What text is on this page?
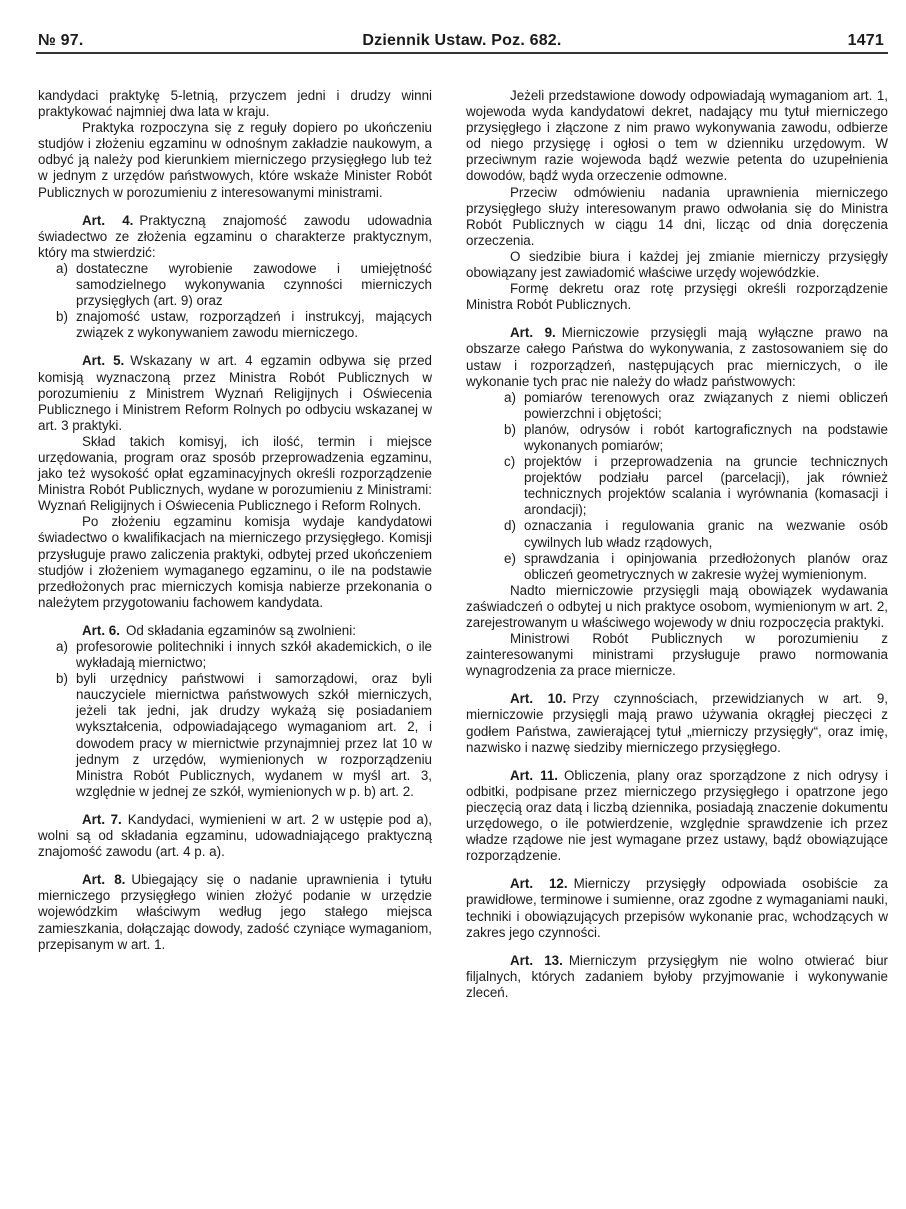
№ 97.	Dziennik Ustaw. Poz. 682.	1471

kandydaci praktykę 5-letnią, przyczem jedni i drudzy winni praktykować najmniej dwa lata w kraju.

Praktyka rozpoczyna się z reguły dopiero po ukończeniu studjów i złożeniu egzaminu w odnośnym zakładzie naukowym, a odbyć ją należy pod kierunkiem mierniczego przysięgłego lub też w jednym z urzędów państwowych, które wskaże Minister Robót Publicznych w porozumieniu z interesowanymi ministrami.

Art. 4. Praktyczną znajomość zawodu udowadnia świadectwo ze złożenia egzaminu o charakterze praktycznym, który ma stwierdzić:

a) dostateczne wyrobienie zawodowe i umiejętność samodzielnego wykonywania czynności mierniczych przysięgłych (art. 9) oraz
b) znajomość ustaw, rozporządzeń i instrukcyj, mających związek z wykonywaniem zawodu mierniczego.

Art. 5. Wskazany w art. 4 egzamin odbywa się przed komisją wyznaczoną przez Ministra Robót Publicznych w porozumieniu z Ministrem Wyznań Religijnych i Oświecenia Publicznego i Ministrem Reform Rolnych po odbyciu wskazanej w art. 3 praktyki.

Skład takich komisyj, ich ilość, termin i miejsce urzędowania, program oraz sposób przeprowadzenia egzaminu, jako też wysokość opłat egzaminacyjnych określi rozporządzenie Ministra Robót Publicznych, wydane w porozumieniu z Ministrami: Wyznań Religijnych i Oświecenia Publicznego i Reform Rolnych.

Po złożeniu egzaminu komisja wydaje kandydatowi świadectwo o kwalifikacjach na mierniczego przysięgłego. Komisji przysługuje prawo zaliczenia praktyki, odbytej przed ukończeniem studjów i złożeniem wymaganego egzaminu, o ile na podstawie przedłożonych prac mierniczych komisja nabierze przekonania o należytem przygotowaniu fachowem kandydata.

Art. 6. Od składania egzaminów są zwolnieni:

a) profesorowie politechniki i innych szkół akademickich, o ile wykładają miernictwo;
b) byli urzędnicy państwowi i samorządowi, oraz byli nauczyciele miernictwa państwowych szkół mierniczych, jeżeli tak jedni, jak drudzy wykażą się posiadaniem wykształcenia, odpowiadającego wymaganiom art. 2, i dowodem pracy w miernictwie przynajmniej przez lat 10 w jednym z urzędów, wymienionych w rozporządzeniu Ministra Robót Publicznych, wydanem w myśl art. 3, względnie w jednej ze szkół, wymienionych w p. b) art. 2.

Art. 7. Kandydaci, wymienieni w art. 2 w ustępie pod a), wolni są od składania egzaminu, udowadniającego praktyczną znajomość zawodu (art. 4 p. a).

Art. 8. Ubiegający się o nadanie uprawnienia i tytułu mierniczego przysięgłego winien złożyć podanie w urzędzie wojewódzkim właściwym według jego stałego miejsca zamieszkania, dołączając dowody, zadość czyniące wymaganiom, przepisanym w art. 1.

Jeżeli przedstawione dowody odpowiadają wymaganiom art. 1, wojewoda wyda kandydatowi dekret, nadający mu tytuł mierniczego przysięgłego i złączone z nim prawo wykonywania zawodu, odbierze od niego przysięgę i ogłosi o tem w dzienniku urzędowym. W przeciwnym razie wojewoda bądź wezwie petenta do uzupełnienia dowodów, bądź wyda orzeczenie odmowne.

Przeciw odmówieniu nadania uprawnienia mierniczego przysięgłego służy interesowanym prawo odwołania się do Ministra Robót Publicznych w ciągu 14 dni, licząc od dnia doręczenia orzeczenia.

O siedzibie biura i każdej jej zmianie mierniczy przysięgły obowiązany jest zawiadomić właściwe urzędy wojewódzkie.

Formę dekretu oraz rotę przysięgi określi rozporządzenie Ministra Robót Publicznych.

Art. 9. Mierniczowie przysięgli mają wyłączne prawo na obszarze całego Państwa do wykonywania, z zastosowaniem się do ustaw i rozporządzeń, następujących prac mierniczych, o ile wykonanie tych prac nie należy do władz państwowych:

a) pomiarów terenowych oraz związanych z niemi obliczeń powierzchni i objętości;
b) planów, odrysów i robót kartograficznych na podstawie wykonanych pomiarów;
c) projektów i przeprowadzenia na gruncie technicznych projektów podziału parcel (parcelacji), jak również technicznych projektów scalania i wyrównania (komasacji i arondacji);
d) oznaczania i regulowania granic na wezwanie osób cywilnych lub władz rządowych,
e) sprawdzania i opinjowania przedłożonych planów oraz obliczeń geometrycznych w zakresie wyżej wymienionym.

Nadto mierniczowie przysięgli mają obowiązek wydawania zaświadczeń o odbytej u nich praktyce osobom, wymienionym w art. 2, zarejestrowanym u właściwego wojewody w dniu rozpoczęcia praktyki.

Ministrowi Robót Publicznych w porozumieniu z zainteresowanymi ministrami przysługuje prawo normowania wynagrodzenia za prace miernicze.

Art. 10. Przy czynnościach, przewidzianych w art. 9, mierniczowie przysięgli mają prawo używania okrągłej pieczęci z godłem Państwa, zawierającej tytuł „mierniczy przysięgły“, oraz imię, nazwisko i nazwę siedziby mierniczego przysięgłego.

Art. 11. Obliczenia, plany oraz sporządzone z nich odrysy i odbitki, podpisane przez mierniczego przysięgłego i opatrzone jego pieczęcią oraz datą i liczbą dziennika, posiadają znaczenie dokumentu urzędowego, o ile potwierdzenie, względnie sprawdzenie ich przez władze rządowe nie jest wymagane przez ustawy, bądź obowiązujące rozporządzenie.

Art. 12. Mierniczy przysięgły odpowiada osobiście za prawidłowe, terminowe i sumienne, oraz zgodne z wymaganiami nauki, techniki i obowiązujących przepisów wykonanie prac, wchodzących w zakres jego czynności.

Art. 13. Mierniczym przysięgłym nie wolno otwierać biur filjalnych, których zadaniem byłoby przyjmowanie i wykonywanie zleceń.
